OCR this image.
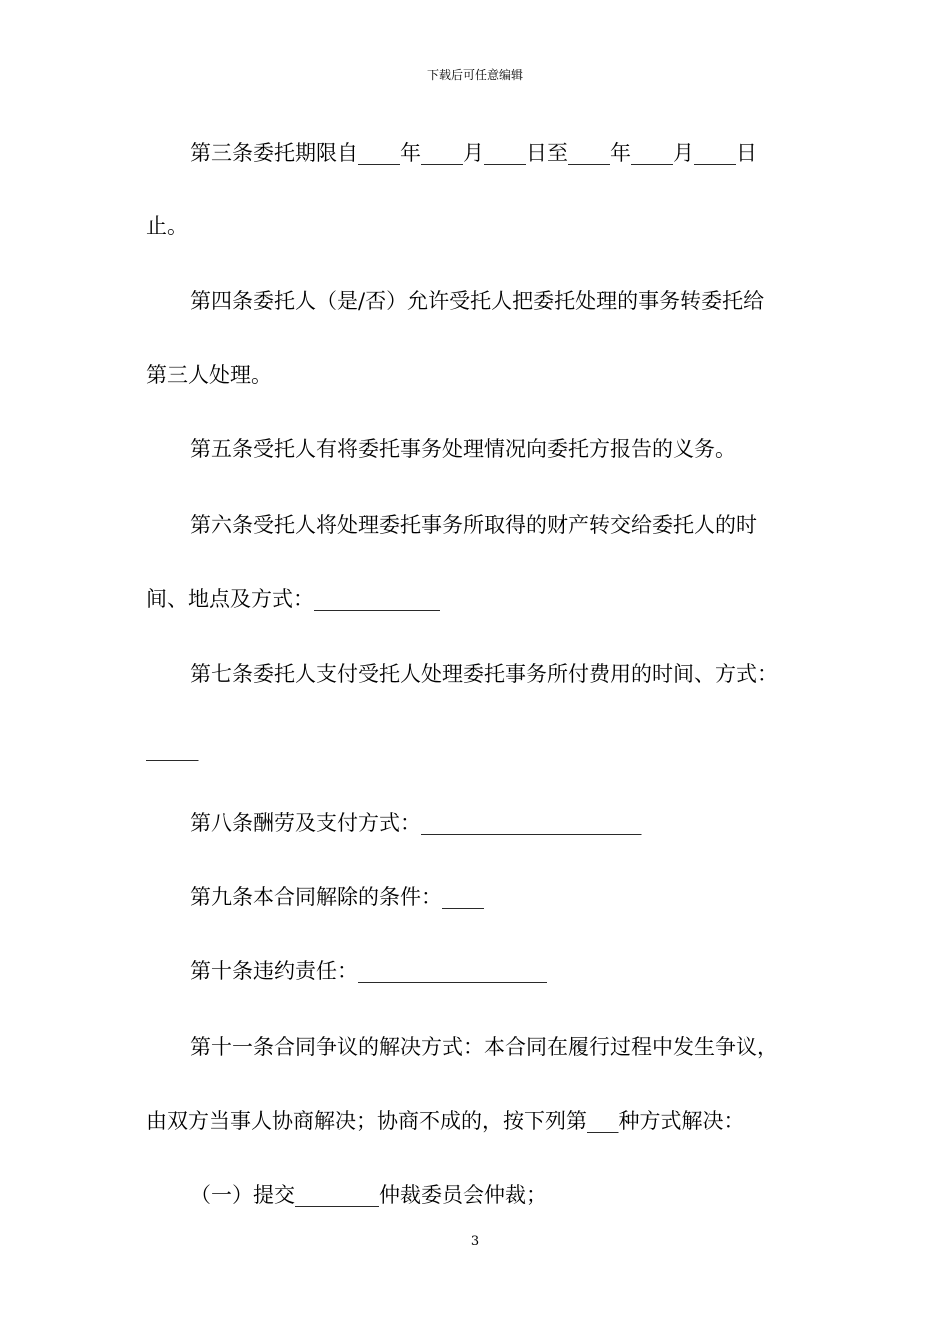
下载后可任意编辑
第三条委托期限自____年____月____日至____年____月____日
止。
第四条委托人（是/否）允许受托人把委托处理的事务转委托给
第三人处理。
第五条受托人有将委托事务处理情况向委托方报告的义务。
第六条受托人将处理委托事务所取得的财产转交给委托人的时
间、地点及方式：____________
第七条委托人支付受托人处理委托事务所付费用的时间、方式：
_____
第八条酬劳及支付方式：_____________________
第九条本合同解除的条件：____
第十条违约责任：__________________
第十一条合同争议的解决方式：本合同在履行过程中发生争议，
由双方当事人协商解决；协商不成的，按下列第___种方式解决：
（一）提交________仲裁委员会仲裁；
3
